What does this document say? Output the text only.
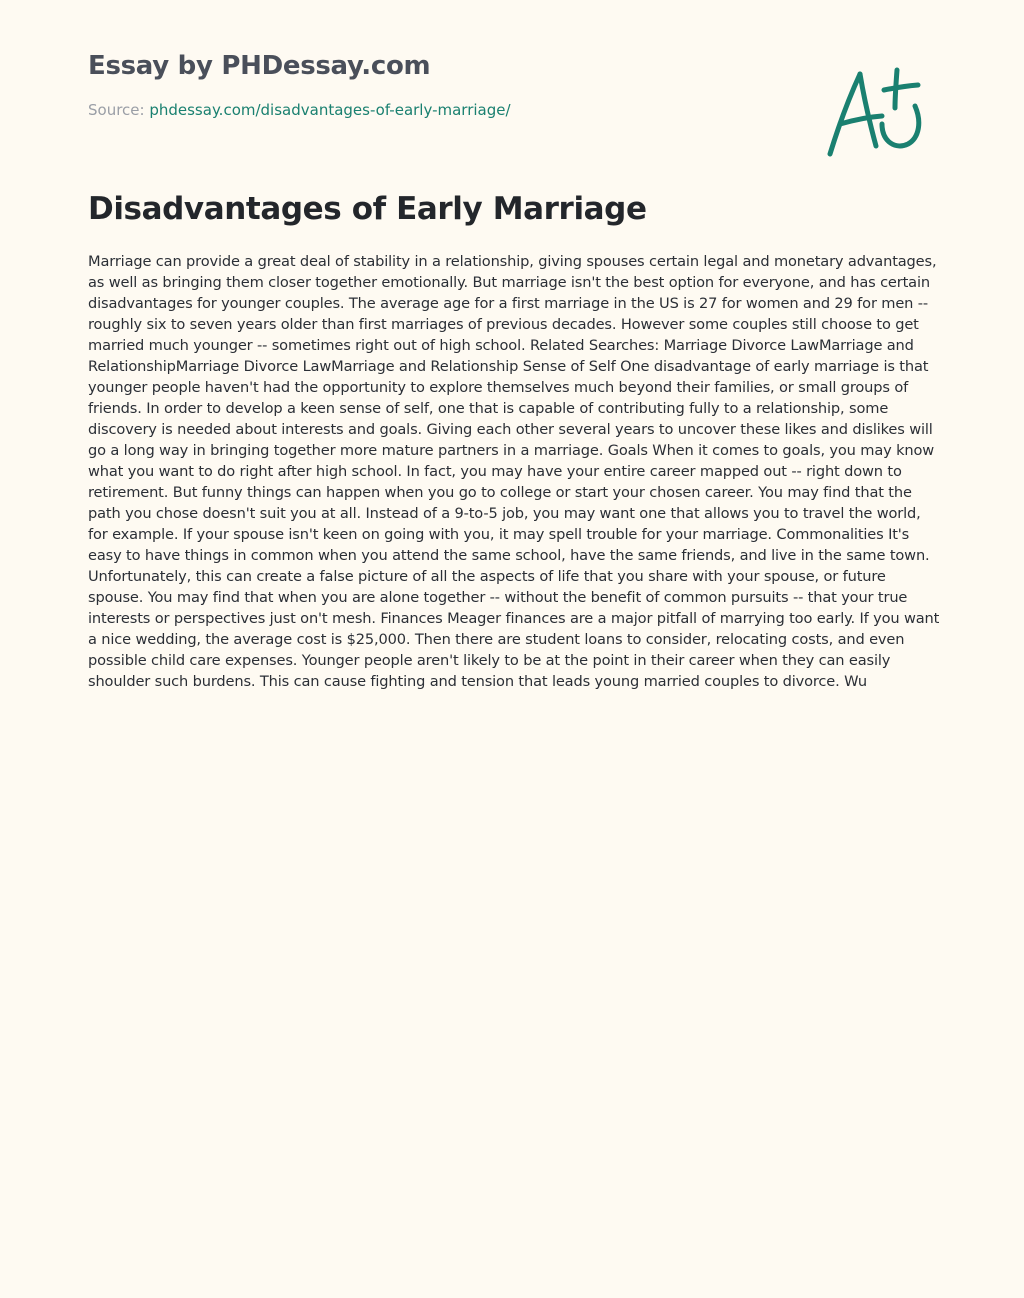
Essay by PHDessay.com
Source: phdessay.com/disadvantages-of-early-marriage/
Disadvantages of Early Marriage

Marriage can provide a great deal of stability in a relationship, giving spouses certain legal and monetary advantages, as well as bringing them closer together emotionally. But marriage isn't the best option for everyone, and has certain disadvantages for younger couples. The average age for a first marriage in the US is 27 for women and 29 for men -- roughly six to seven years older than first marriages of previous decades. However some couples still choose to get married much younger -- sometimes right out of high school. Related Searches: Marriage Divorce LawMarriage and RelationshipMarriage Divorce LawMarriage and Relationship Sense of Self One disadvantage of early marriage is that younger people haven't had the opportunity to explore themselves much beyond their families, or small groups of friends. In order to develop a keen sense of self, one that is capable of contributing fully to a relationship, some discovery is needed about interests and goals. Giving each other several years to uncover these likes and dislikes will go a long way in bringing together more mature partners in a marriage. Goals When it comes to goals, you may know what you want to do right after high school. In fact, you may have your entire career mapped out -- right down to retirement. But funny things can happen when you go to college or start your chosen career. You may find that the path you chose doesn't suit you at all. Instead of a 9-to-5 job, you may want one that allows you to travel the world, for example. If your spouse isn't keen on going with you, it may spell trouble for your marriage. Commonalities It's easy to have things in common when you attend the same school, have the same friends, and live in the same town. Unfortunately, this can create a false picture of all the aspects of life that you share with your spouse, or future spouse. You may find that when you are alone together -- without the benefit of common pursuits -- that your true interests or perspectives just on't mesh. Finances Meager finances are a major pitfall of marrying too early. If you want a nice wedding, the average cost is $25,000. Then there are student loans to consider, relocating costs, and even possible child care expenses. Younger people aren't likely to be at the point in their career when they can easily shoulder such burdens. This can cause fighting and tension that leads young married couples to divorce. Wu
